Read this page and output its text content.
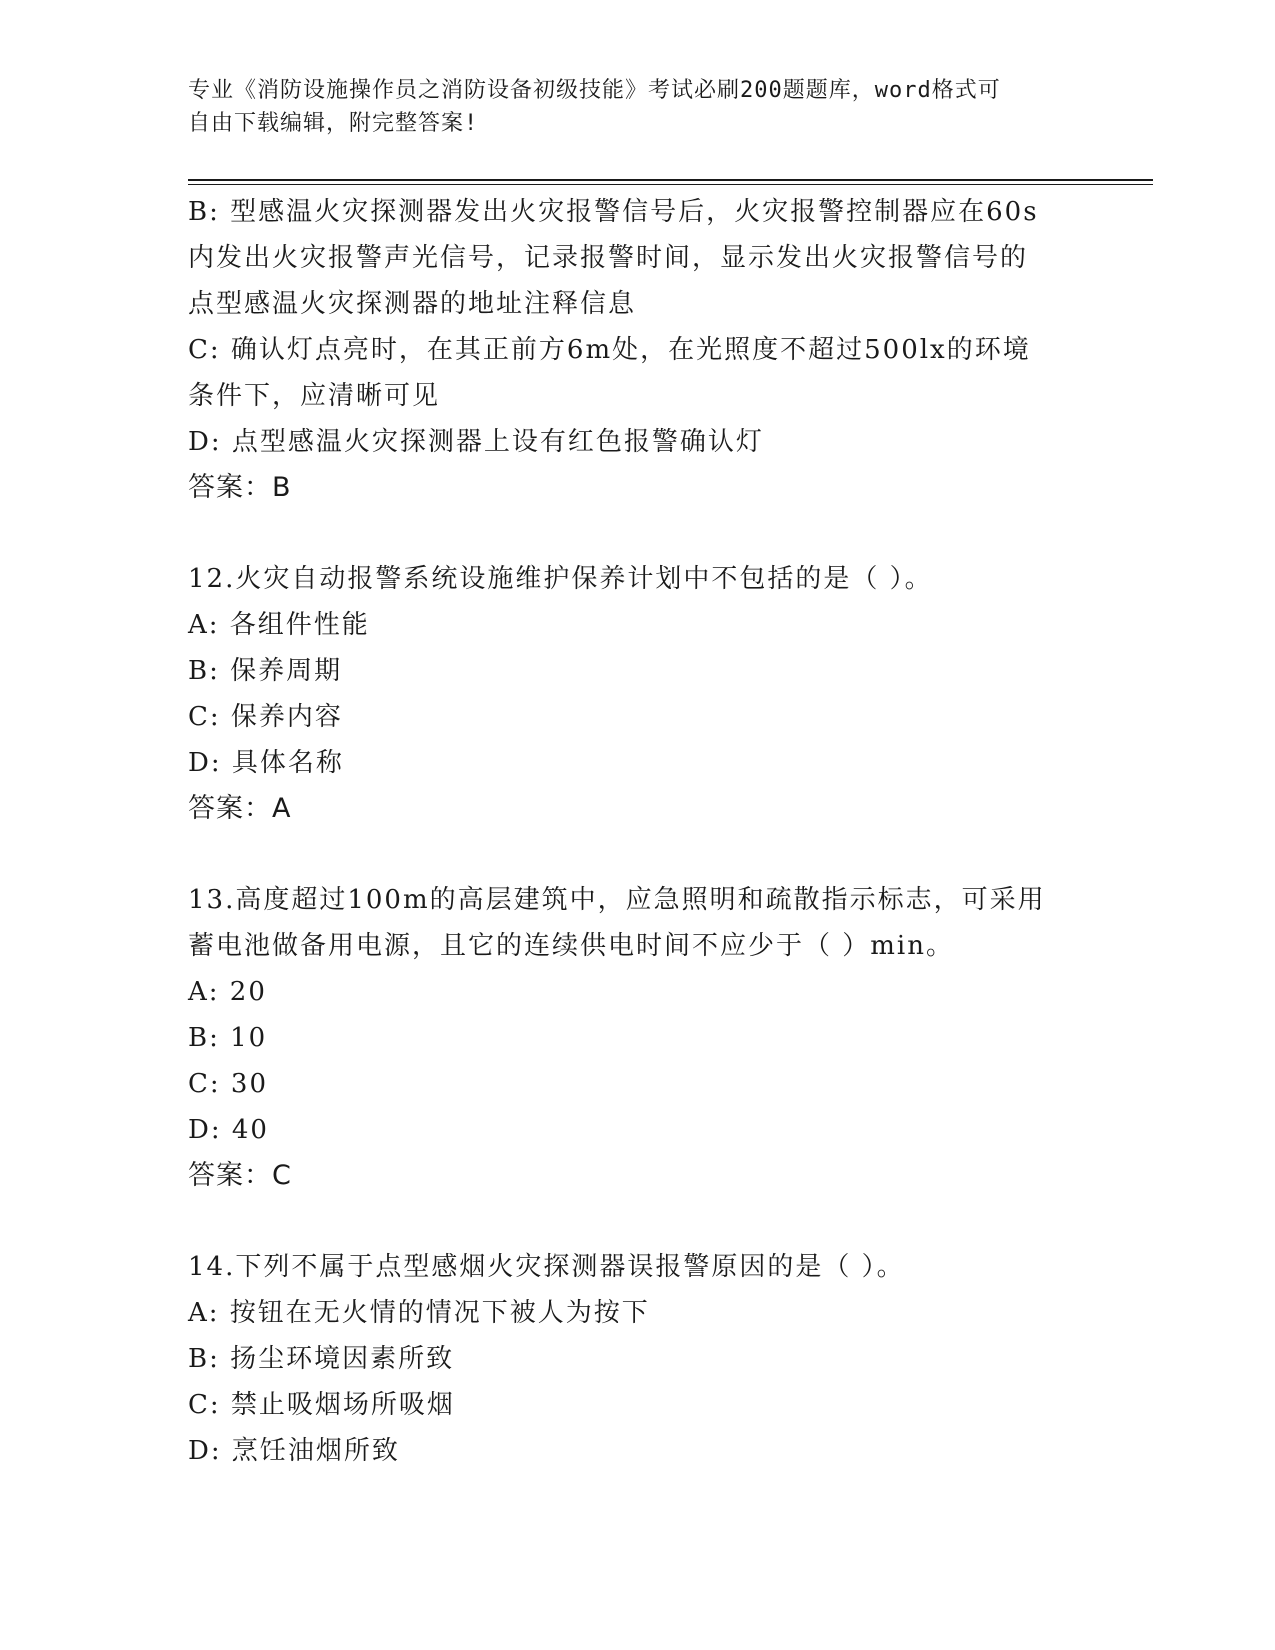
专业《消防设施操作员之消防设备初级技能》考试必刷200题题库，word格式可
自由下载编辑，附完整答案!
B: 型感温火灾探测器发出火灾报警信号后，火灾报警控制器应在60s
内发出火灾报警声光信号，记录报警时间，显示发出火灾报警信号的
点型感温火灾探测器的地址注释信息
C: 确认灯点亮时，在其正前方6m处，在光照度不超过500lx的环境
条件下，应清晰可见
D: 点型感温火灾探测器上设有红色报警确认灯
答案：B
12.火灾自动报警系统设施维护保养计划中不包括的是（ ）。
A: 各组件性能
B: 保养周期
C: 保养内容
D: 具体名称
答案：A
13.高度超过100m的高层建筑中，应急照明和疏散指示标志，可采用
蓄电池做备用电源，且它的连续供电时间不应少于（ ）min。
A: 20
B: 10
C: 30
D: 40
答案：C
14.下列不属于点型感烟火灾探测器误报警原因的是（ ）。
A: 按钮在无火情的情况下被人为按下
B: 扬尘环境因素所致
C: 禁止吸烟场所吸烟
D: 烹饪油烟所致
